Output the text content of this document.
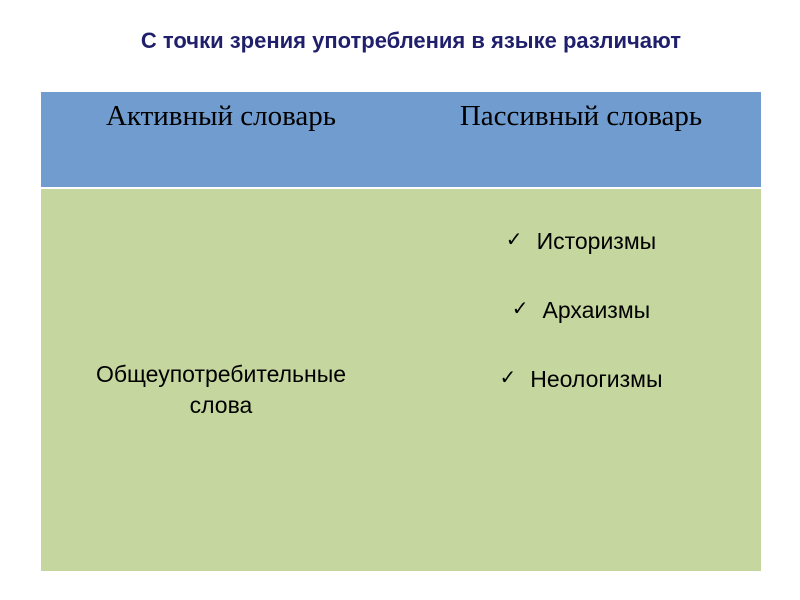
С точки зрения употребления в языке различают
Активный словарь	Пассивный словарь
Общеупотребительные
слова
✓ Историзмы
✓ Архаизмы
✓ Неологизмы
